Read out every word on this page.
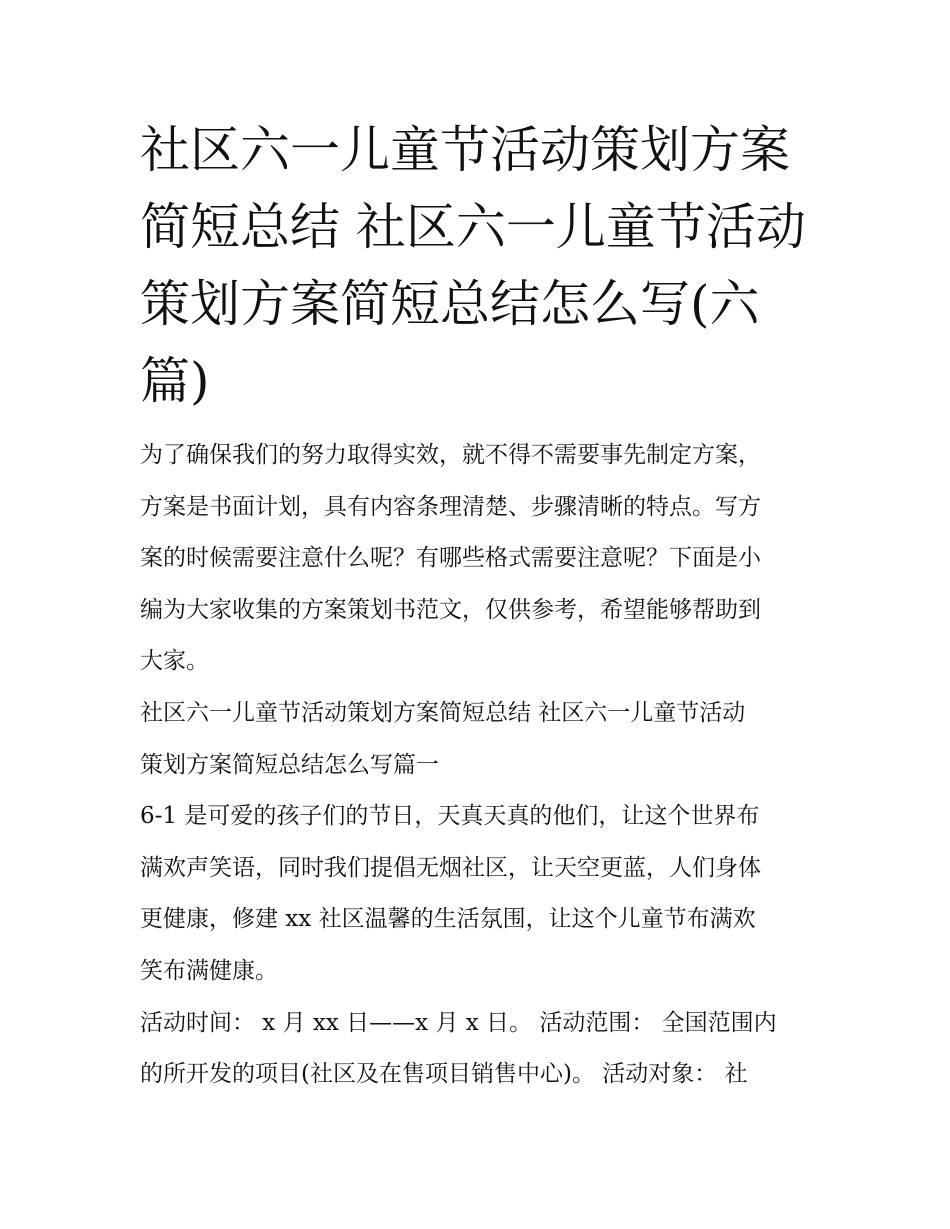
社区六一儿童节活动策划方案
简短总结 社区六一儿童节活动
策划方案简短总结怎么写(六
篇)
为了确保我们的努力取得实效，就不得不需要事先制定方案，
方案是书面计划，具有内容条理清楚、步骤清晰的特点。写方
案的时候需要注意什么呢？有哪些格式需要注意呢？下面是小
编为大家收集的方案策划书范文，仅供参考，希望能够帮助到
大家。
社区六一儿童节活动策划方案简短总结 社区六一儿童节活动
策划方案简短总结怎么写篇一
6-1 是可爱的孩子们的节日，天真天真的他们，让这个世界布
满欢声笑语，同时我们提倡无烟社区，让天空更蓝，人们身体
更健康，修建 xx 社区温馨的生活氛围，让这个儿童节布满欢
笑布满健康。
活动时间： x 月 xx 日——x 月 x 日。 活动范围： 全国范围内
的所开发的项目(社区及在售项目销售中心)。 活动对象： 社
